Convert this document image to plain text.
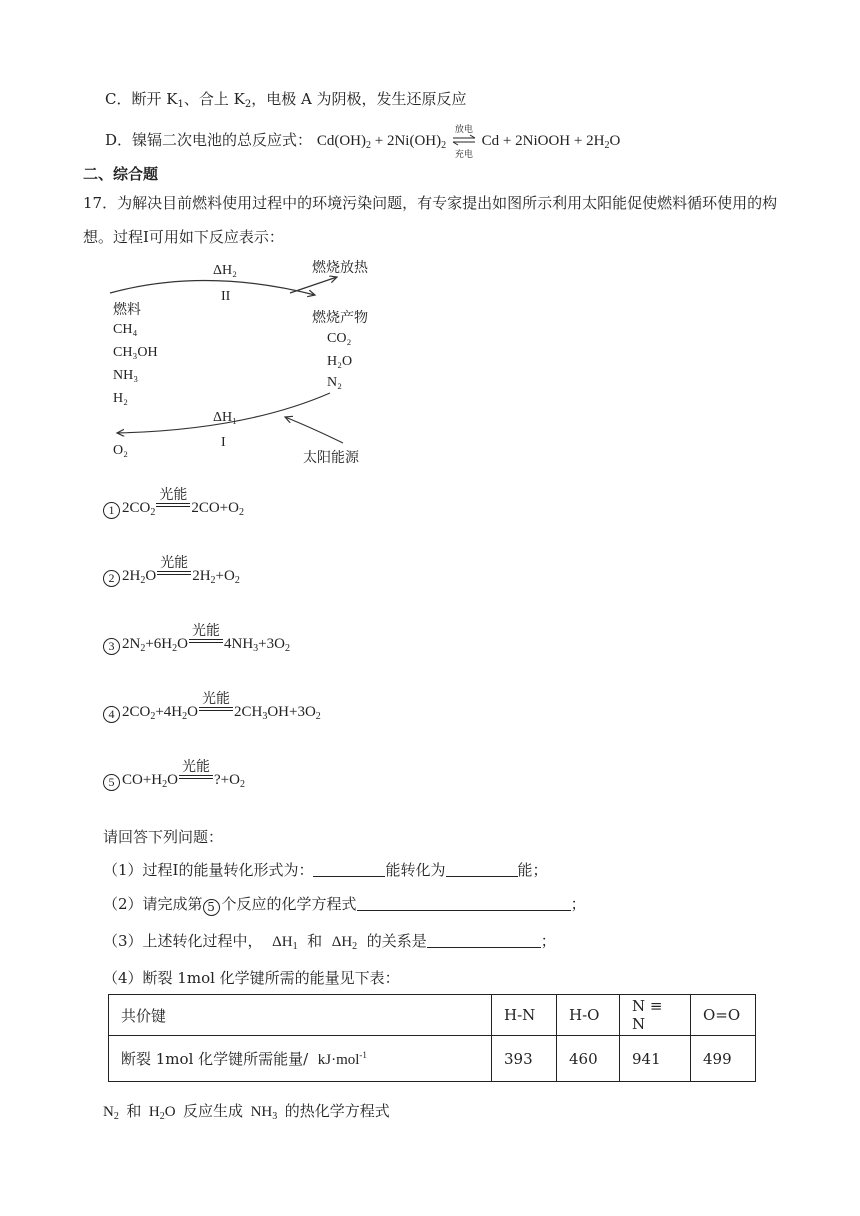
C．断开 $K_1$、合上 $K_2$，电极 A 为阴极，发生还原反应
D．镍镉二次电池的总反应式： $Cd(OH)_2 + 2Ni(OH)_2$
放电
充电
Cd + 2NiOOH + $2H_2O$
二、综合题
17．为解决目前燃料使用过程中的环境污染问题，有专家提出如图所示利用太阳能促使燃料循环使用的构
想。过程Ⅰ可用如下反应表示：
ΔH₂
II
燃烧放热
燃料
CH₄
CH₃OH
NH₃
H₂
燃烧产物
CO₂
H₂O
N₂
ΔH₁
I
O₂
太阳能源
1 $2CO_2$
光能
$2CO+O_2$
2 $2H_2O$
光能
$2H_2+O_2$
3 $2N_2+6H_2O$
光能
$4NH_3+3O_2$
4 $2CO_2+4H_2O$
光能
$2CH_3OH+3O_2$
5 $CO+H_2O$
光能
$?+O_2$
请回答下列问题：
（1）过程Ⅰ的能量转化形式为：	能转化为	能；
（2）请完成第 5 个反应的化学方程式	；
（3）上述转化过程中， $\Delta H_1$ 和 $\Delta H_2$ 的关系是	；
（4）断裂 1mol 化学键所需的能量见下表：
共价键	H-N	H-O	N ≡ N	O=O
断裂 1mol 化学键所需能量/  kJ·mol$^{-1}$	393	460	941	499
$N_2$ 和  $H_2O$  反应生成  $NH_3$ 的热化学方程式
